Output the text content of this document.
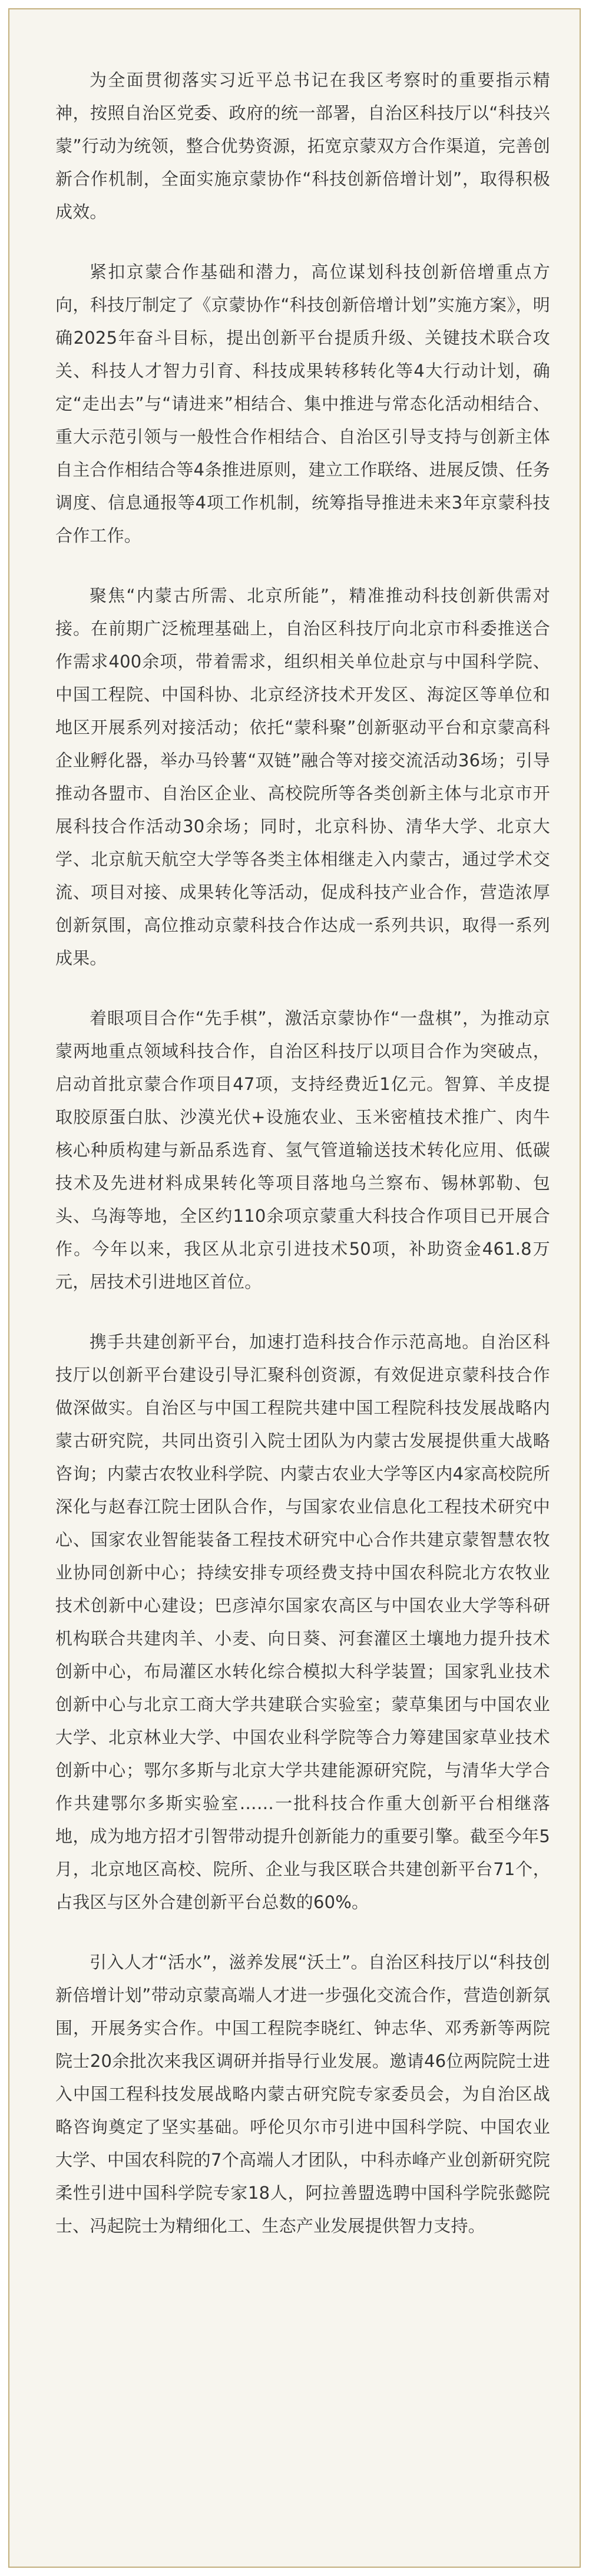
为全面贯彻落实习近平总书记在我区考察时的重要指示精神，按照自治区党委、政府的统一部署，自治区科技厅以“科技兴蒙”行动为统领，整合优势资源，拓宽京蒙双方合作渠道，完善创新合作机制，全面实施京蒙协作“科技创新倍增计划”，取得积极成效。

紧扣京蒙合作基础和潜力，高位谋划科技创新倍增重点方向，科技厅制定了《京蒙协作“科技创新倍增计划”实施方案》，明确2025年奋斗目标，提出创新平台提质升级、关键技术联合攻关、科技人才智力引育、科技成果转移转化等4大行动计划，确定“走出去”与“请进来”相结合、集中推进与常态化活动相结合、重大示范引领与一般性合作相结合、自治区引导支持与创新主体自主合作相结合等4条推进原则，建立工作联络、进展反馈、任务调度、信息通报等4项工作机制，统筹指导推进未来3年京蒙科技合作工作。

聚焦“内蒙古所需、北京所能”，精准推动科技创新供需对接。在前期广泛梳理基础上，自治区科技厅向北京市科委推送合作需求400余项，带着需求，组织相关单位赴京与中国科学院、中国工程院、中国科协、北京经济技术开发区、海淀区等单位和地区开展系列对接活动；依托“蒙科聚”创新驱动平台和京蒙高科企业孵化器，举办马铃薯“双链”融合等对接交流活动36场；引导推动各盟市、自治区企业、高校院所等各类创新主体与北京市开展科技合作活动30余场；同时，北京科协、清华大学、北京大学、北京航天航空大学等各类主体相继走入内蒙古，通过学术交流、项目对接、成果转化等活动，促成科技产业合作，营造浓厚创新氛围，高位推动京蒙科技合作达成一系列共识，取得一系列成果。

着眼项目合作“先手棋”，激活京蒙协作“一盘棋”，为推动京蒙两地重点领域科技合作，自治区科技厅以项目合作为突破点，启动首批京蒙合作项目47项，支持经费近1亿元。智算、羊皮提取胶原蛋白肽、沙漠光伏+设施农业、玉米密植技术推广、肉牛核心种质构建与新品系选育、氢气管道输送技术转化应用、低碳技术及先进材料成果转化等项目落地乌兰察布、锡林郭勒、包头、乌海等地，全区约110余项京蒙重大科技合作项目已开展合作。今年以来，我区从北京引进技术50项，补助资金461.8万元，居技术引进地区首位。

携手共建创新平台，加速打造科技合作示范高地。自治区科技厅以创新平台建设引导汇聚科创资源，有效促进京蒙科技合作做深做实。自治区与中国工程院共建中国工程院科技发展战略内蒙古研究院，共同出资引入院士团队为内蒙古发展提供重大战略咨询；内蒙古农牧业科学院、内蒙古农业大学等区内4家高校院所深化与赵春江院士团队合作，与国家农业信息化工程技术研究中心、国家农业智能装备工程技术研究中心合作共建京蒙智慧农牧业协同创新中心；持续安排专项经费支持中国农科院北方农牧业技术创新中心建设；巴彦淖尔国家农高区与中国农业大学等科研机构联合共建肉羊、小麦、向日葵、河套灌区土壤地力提升技术创新中心，布局灌区水转化综合模拟大科学装置；国家乳业技术创新中心与北京工商大学共建联合实验室；蒙草集团与中国农业大学、北京林业大学、中国农业科学院等合力筹建国家草业技术创新中心；鄂尔多斯与北京大学共建能源研究院，与清华大学合作共建鄂尔多斯实验室……一批科技合作重大创新平台相继落地，成为地方招才引智带动提升创新能力的重要引擎。截至今年5月，北京地区高校、院所、企业与我区联合共建创新平台71个，占我区与区外合建创新平台总数的60%。

引入人才“活水”，滋养发展“沃土”。自治区科技厅以“科技创新倍增计划”带动京蒙高端人才进一步强化交流合作，营造创新氛围，开展务实合作。中国工程院李晓红、钟志华、邓秀新等两院院士20余批次来我区调研并指导行业发展。邀请46位两院院士进入中国工程科技发展战略内蒙古研究院专家委员会，为自治区战略咨询奠定了坚实基础。呼伦贝尔市引进中国科学院、中国农业大学、中国农科院的7个高端人才团队，中科赤峰产业创新研究院柔性引进中国科学院专家18人，阿拉善盟选聘中国科学院张懿院士、冯起院士为精细化工、生态产业发展提供智力支持。
